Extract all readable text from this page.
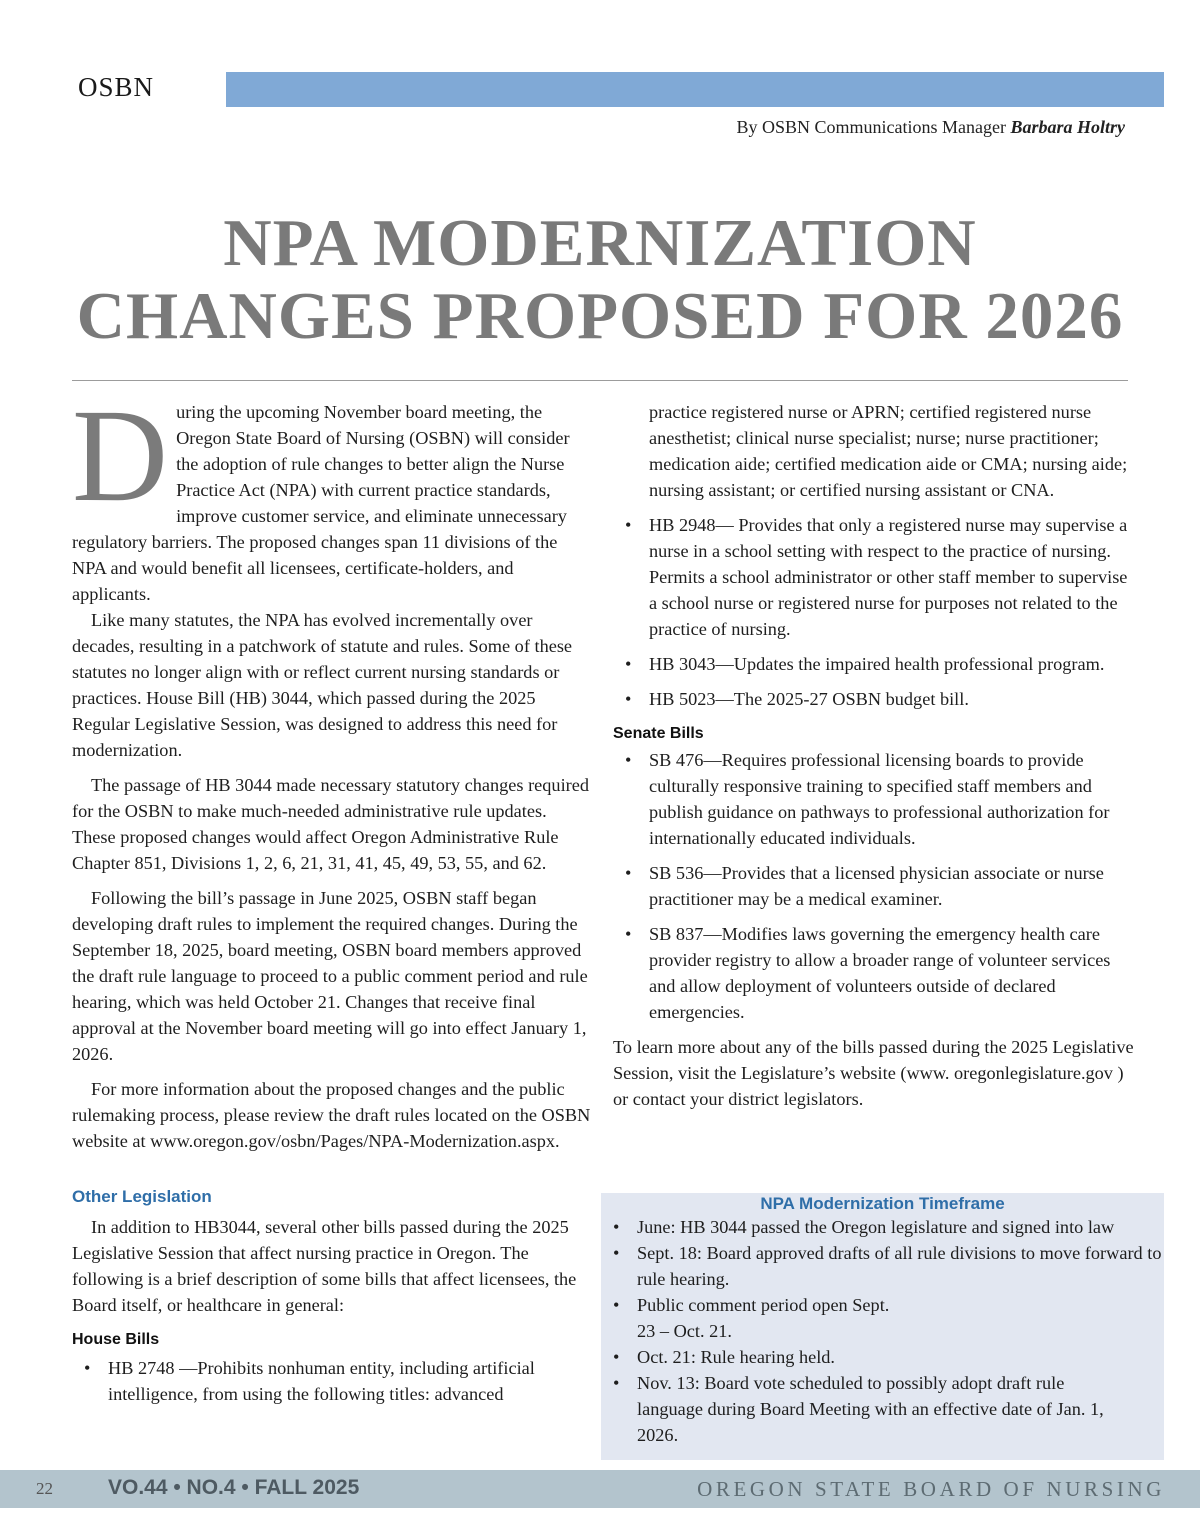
OSBN
By OSBN Communications Manager Barbara Holtry
NPA MODERNIZATION
CHANGES PROPOSED FOR 2026

During the upcoming November board meeting, the Oregon State Board of Nursing (OSBN) will consider the adoption of rule changes to better align the Nurse Practice Act (NPA) with current practice standards, improve customer service, and eliminate unnecessary regulatory barriers. The proposed changes span 11 divisions of the NPA and would benefit all licensees, certificate-holders, and applicants.

Like many statutes, the NPA has evolved incrementally over decades, resulting in a patchwork of statute and rules. Some of these statutes no longer align with or reflect current nursing standards or practices. House Bill (HB) 3044, which passed during the 2025 Regular Legislative Session, was designed to address this need for modernization.

The passage of HB 3044 made necessary statutory changes required for the OSBN to make much-needed administrative rule updates. These proposed changes would affect Oregon Administrative Rule Chapter 851, Divisions 1, 2, 6, 21, 31, 41, 45, 49, 53, 55, and 62.

Following the bill’s passage in June 2025, OSBN staff began developing draft rules to implement the required changes. During the September 18, 2025, board meeting, OSBN board members approved the draft rule language to proceed to a public comment period and rule hearing, which was held October 21. Changes that receive final approval at the November board meeting will go into effect January 1, 2026.

For more information about the proposed changes and the public rulemaking process, please review the draft rules located on the OSBN website at www.oregon.gov/osbn/Pages/NPA-Modernization.aspx.

Other Legislation

In addition to HB3044, several other bills passed during the 2025 Legislative Session that affect nursing practice in Oregon. The following is a brief description of some bills that affect licensees, the Board itself, or healthcare in general:

House Bills
• HB 2748 —Prohibits nonhuman entity, including artificial intelligence, from using the following titles: advanced

practice registered nurse or APRN; certified registered nurse anesthetist; clinical nurse specialist; nurse; nurse practitioner; medication aide; certified medication aide or CMA; nursing aide; nursing assistant; or certified nursing assistant or CNA.

• HB 2948— Provides that only a registered nurse may supervise a nurse in a school setting with respect to the practice of nursing. Permits a school administrator or other staff member to supervise a school nurse or registered nurse for purposes not related to the practice of nursing.
• HB 3043—Updates the impaired health professional program.
• HB 5023—The 2025-27 OSBN budget bill.
Senate Bills
• SB 476—Requires professional licensing boards to provide culturally responsive training to specified staff members and publish guidance on pathways to professional authorization for internationally educated individuals.
• SB 536—Provides that a licensed physician associate or nurse practitioner may be a medical examiner.
• SB 837—Modifies laws governing the emergency health care provider registry to allow a broader range of volunteer services and allow deployment of volunteers outside of declared emergencies.

To learn more about any of the bills passed during the 2025 Legislative Session, visit the Legislature’s website (www. oregonlegislature.gov ) or contact your district legislators.

NPA Modernization Timeframe
• June: HB 3044 passed the Oregon legislature and signed into law
• Sept. 18: Board approved drafts of all rule divisions to move forward to rule hearing.
• Public comment period open Sept. 23 – Oct. 21.
• Oct. 21: Rule hearing held.
• Nov. 13: Board vote scheduled to possibly adopt draft rule language during Board Meeting with an effective date of Jan. 1, 2026.
22	VO.44 • NO.4 • FALL 2025	OREGON STATE BOARD OF NURSING
